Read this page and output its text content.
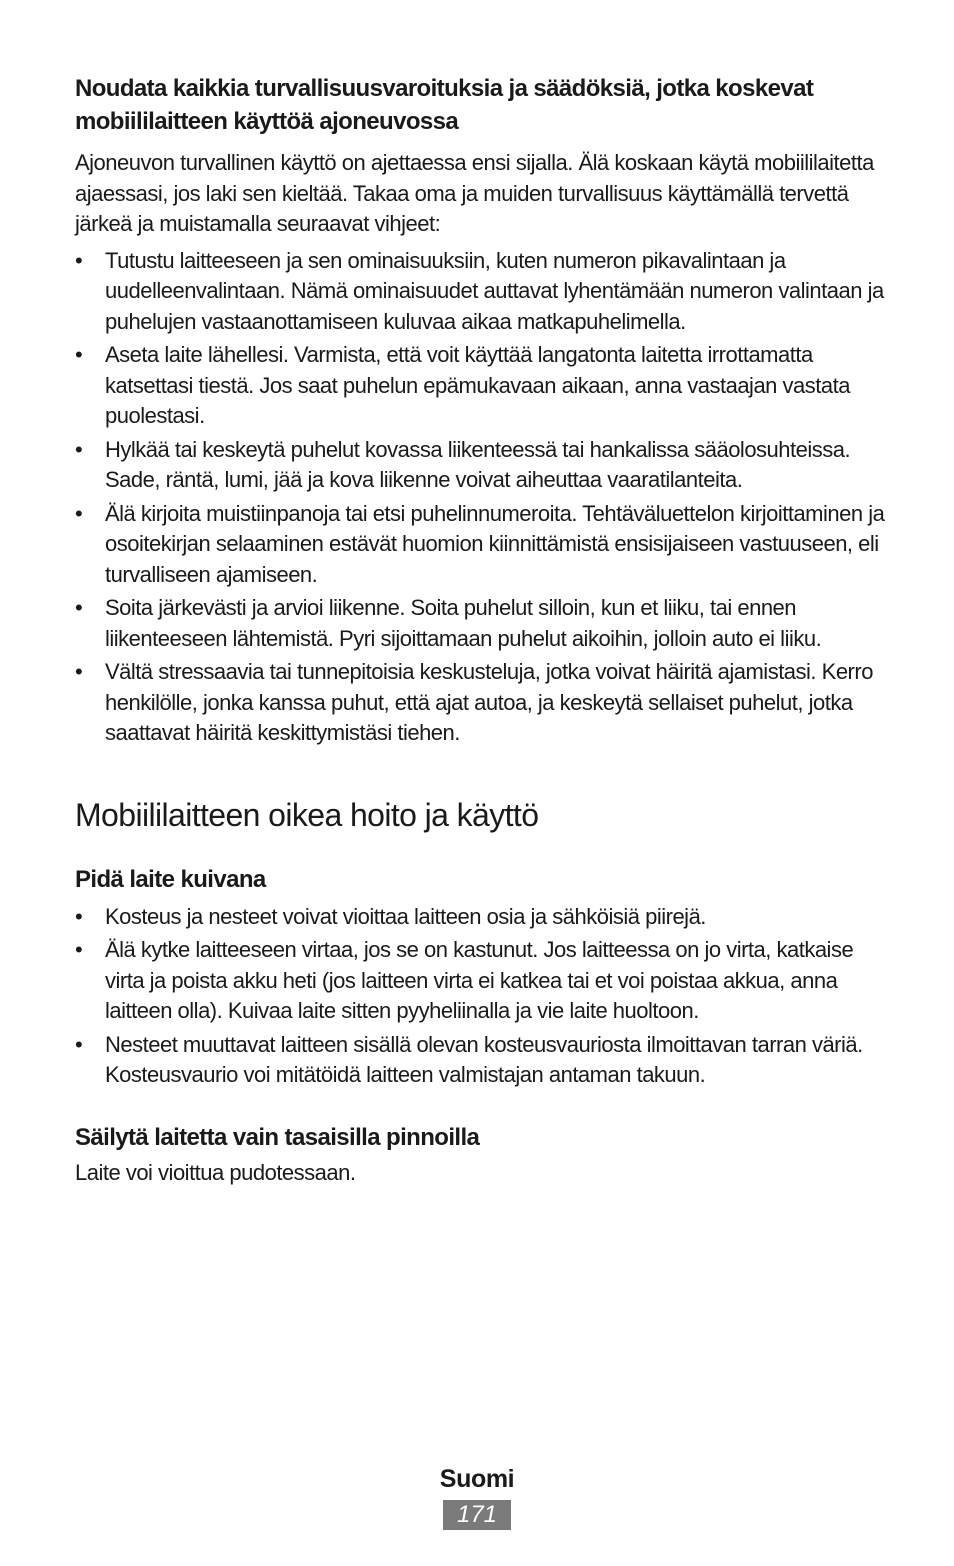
Noudata kaikkia turvallisuusvaroituksia ja säädöksiä, jotka koskevat mobiililaitteen käyttöä ajoneuvossa

Ajoneuvon turvallinen käyttö on ajettaessa ensi sijalla. Älä koskaan käytä mobiililaitetta ajaessasi, jos laki sen kieltää. Takaa oma ja muiden turvallisuus käyttämällä tervettä järkeä ja muistamalla seuraavat vihjeet:

• Tutustu laitteeseen ja sen ominaisuuksiin, kuten numeron pikavalintaan ja uudelleenvalintaan. Nämä ominaisuudet auttavat lyhentämään numeron valintaan ja puhelujen vastaanottamiseen kuluvaa aikaa matkapuhelimella.
• Aseta laite lähellesi. Varmista, että voit käyttää langatonta laitetta irrottamatta katsettasi tiestä. Jos saat puhelun epämukavaan aikaan, anna vastaajan vastata puolestasi.
• Hylkää tai keskeytä puhelut kovassa liikenteessä tai hankalissa sääolosuhteissa. Sade, räntä, lumi, jää ja kova liikenne voivat aiheuttaa vaaratilanteita.
• Älä kirjoita muistiinpanoja tai etsi puhelinnumeroita. Tehtäväluettelon kirjoittaminen ja osoitekirjan selaaminen estävät huomion kiinnittämistä ensisijaiseen vastuuseen, eli turvalliseen ajamiseen.
• Soita järkevästi ja arvioi liikenne. Soita puhelut silloin, kun et liiku, tai ennen liikenteeseen lähtemistä. Pyri sijoittamaan puhelut aikoihin, jolloin auto ei liiku.
• Vältä stressaavia tai tunnepitoisia keskusteluja, jotka voivat häiritä ajamistasi. Kerro henkilölle, jonka kanssa puhut, että ajat autoa, ja keskeytä sellaiset puhelut, jotka saattavat häiritä keskittymistäsi tiehen.
Mobiililaitteen oikea hoito ja käyttö
Pidä laite kuivana
• Kosteus ja nesteet voivat vioittaa laitteen osia ja sähköisiä piirejä.
• Älä kytke laitteeseen virtaa, jos se on kastunut. Jos laitteessa on jo virta, katkaise virta ja poista akku heti (jos laitteen virta ei katkea tai et voi poistaa akkua, anna laitteen olla). Kuivaa laite sitten pyyheliinalla ja vie laite huoltoon.
• Nesteet muuttavat laitteen sisällä olevan kosteusvauriosta ilmoittavan tarran väriä. Kosteusvaurio voi mitätöidä laitteen valmistajan antaman takuun.
Säilytä laitetta vain tasaisilla pinnoilla

Laite voi vioittua pudotessaan.

Suomi
171
